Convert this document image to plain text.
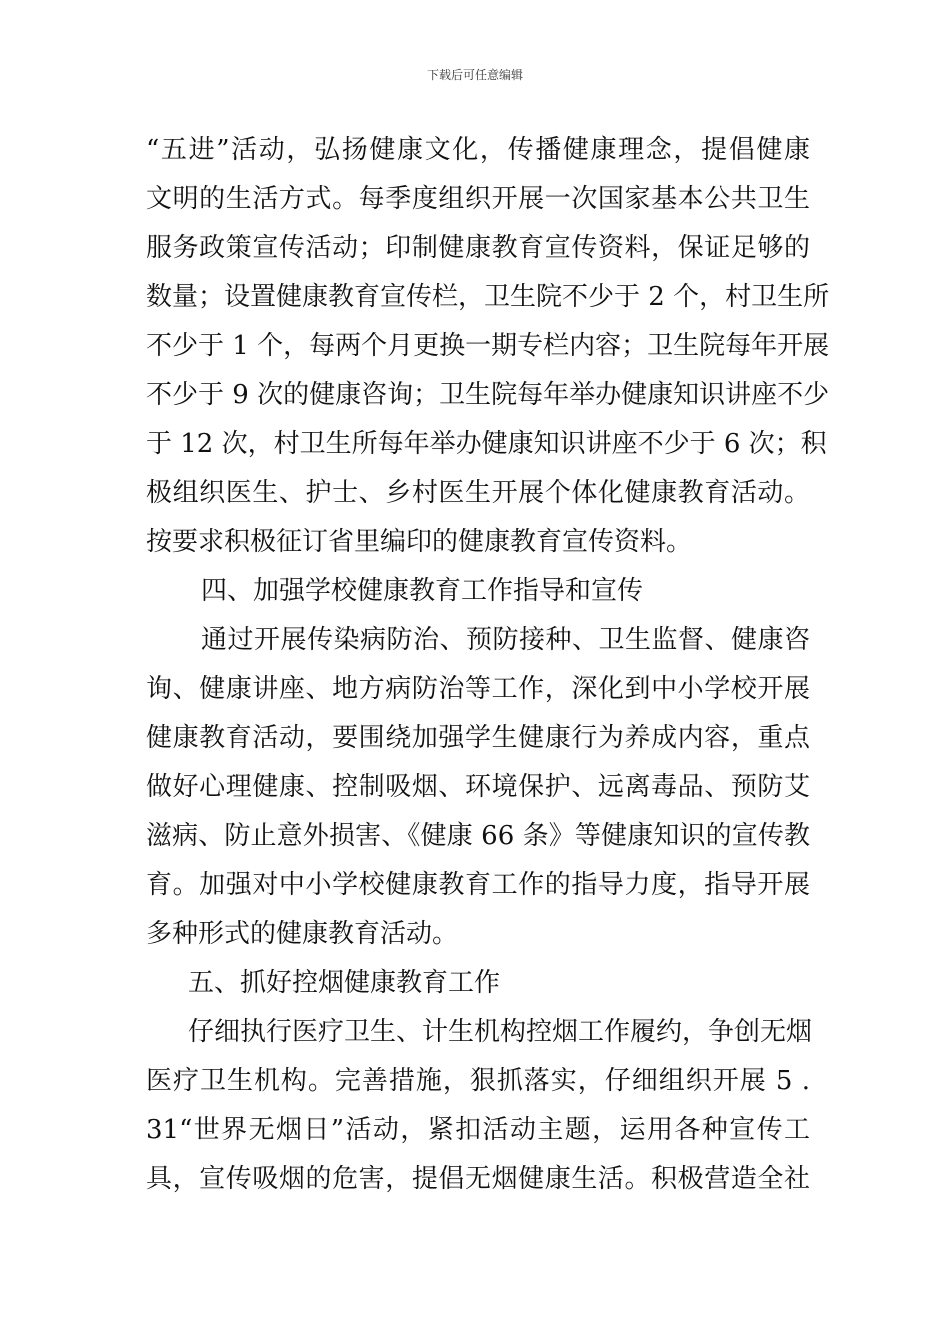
下载后可任意编辑
“五进”活动，弘扬健康文化，传播健康理念，提倡健康
文明的生活方式。每季度组织开展一次国家基本公共卫生
服务政策宣传活动；印制健康教育宣传资料，保证足够的
数量；设置健康教育宣传栏，卫生院不少于 2 个，村卫生所
不少于 1 个，每两个月更换一期专栏内容；卫生院每年开展
不少于 9 次的健康咨询；卫生院每年举办健康知识讲座不少
于 12 次，村卫生所每年举办健康知识讲座不少于 6 次；积
极组织医生、护士、乡村医生开展个体化健康教育活动。
按要求积极征订省里编印的健康教育宣传资料。
四、加强学校健康教育工作指导和宣传
通过开展传染病防治、预防接种、卫生监督、健康咨
询、健康讲座、地方病防治等工作，深化到中小学校开展
健康教育活动，要围绕加强学生健康行为养成内容，重点
做好心理健康、控制吸烟、环境保护、远离毒品、预防艾
滋病、防止意外损害、《健康 66 条》等健康知识的宣传教
育。加强对中小学校健康教育工作的指导力度，指导开展
多种形式的健康教育活动。
五、抓好控烟健康教育工作
仔细执行医疗卫生、计生机构控烟工作履约，争创无烟
医疗卫生机构。完善措施，狠抓落实，仔细组织开展 5 .
31“世界无烟日”活动，紧扣活动主题，运用各种宣传工
具，宣传吸烟的危害，提倡无烟健康生活。积极营造全社
